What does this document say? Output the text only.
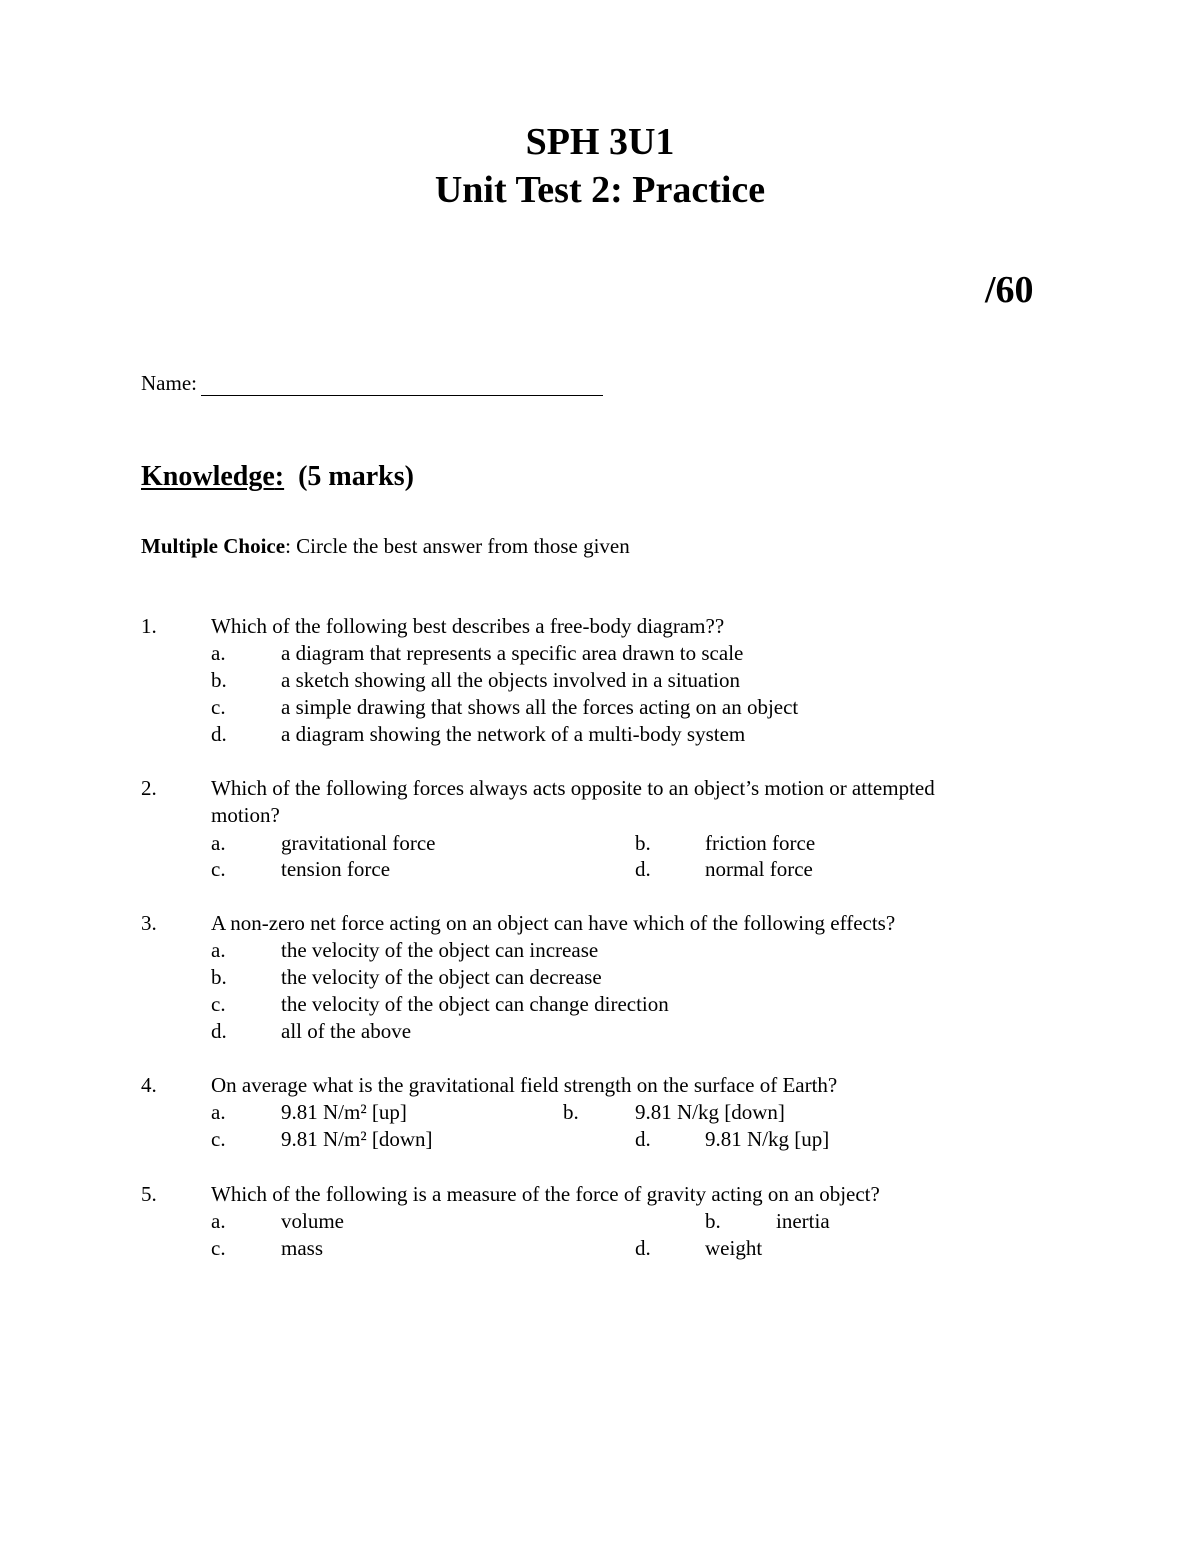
SPH 3U1
Unit Test 2: Practice
/60
Name:
Knowledge: (5 marks)
Multiple Choice: Circle the best answer from those given
1.	Which of the following best describes a free-body diagram??
a.	a diagram that represents a specific area drawn to scale
b.	a sketch showing all the objects involved in a situation
c.	a simple drawing that shows all the forces acting on an object
d.	a diagram showing the network of a multi-body system
2.	Which of the following forces always acts opposite to an object’s motion or attempted
motion?
a.	gravitational force	b.	friction force
c.	tension force	d.	normal force
3.	A non-zero net force acting on an object can have which of the following effects?
a.	the velocity of the object can increase
b.	the velocity of the object can decrease
c.	the velocity of the object can change direction
d.	all of the above
4.	On average what is the gravitational field strength on the surface of Earth?
a.	9.81 N/m² [up]	b.	9.81 N/kg [down]
c.	9.81 N/m² [down]	d.	9.81 N/kg [up]
5.	Which of the following is a measure of the force of gravity acting on an object?
a.	volume	b.	inertia
c.	mass	d.	weight
